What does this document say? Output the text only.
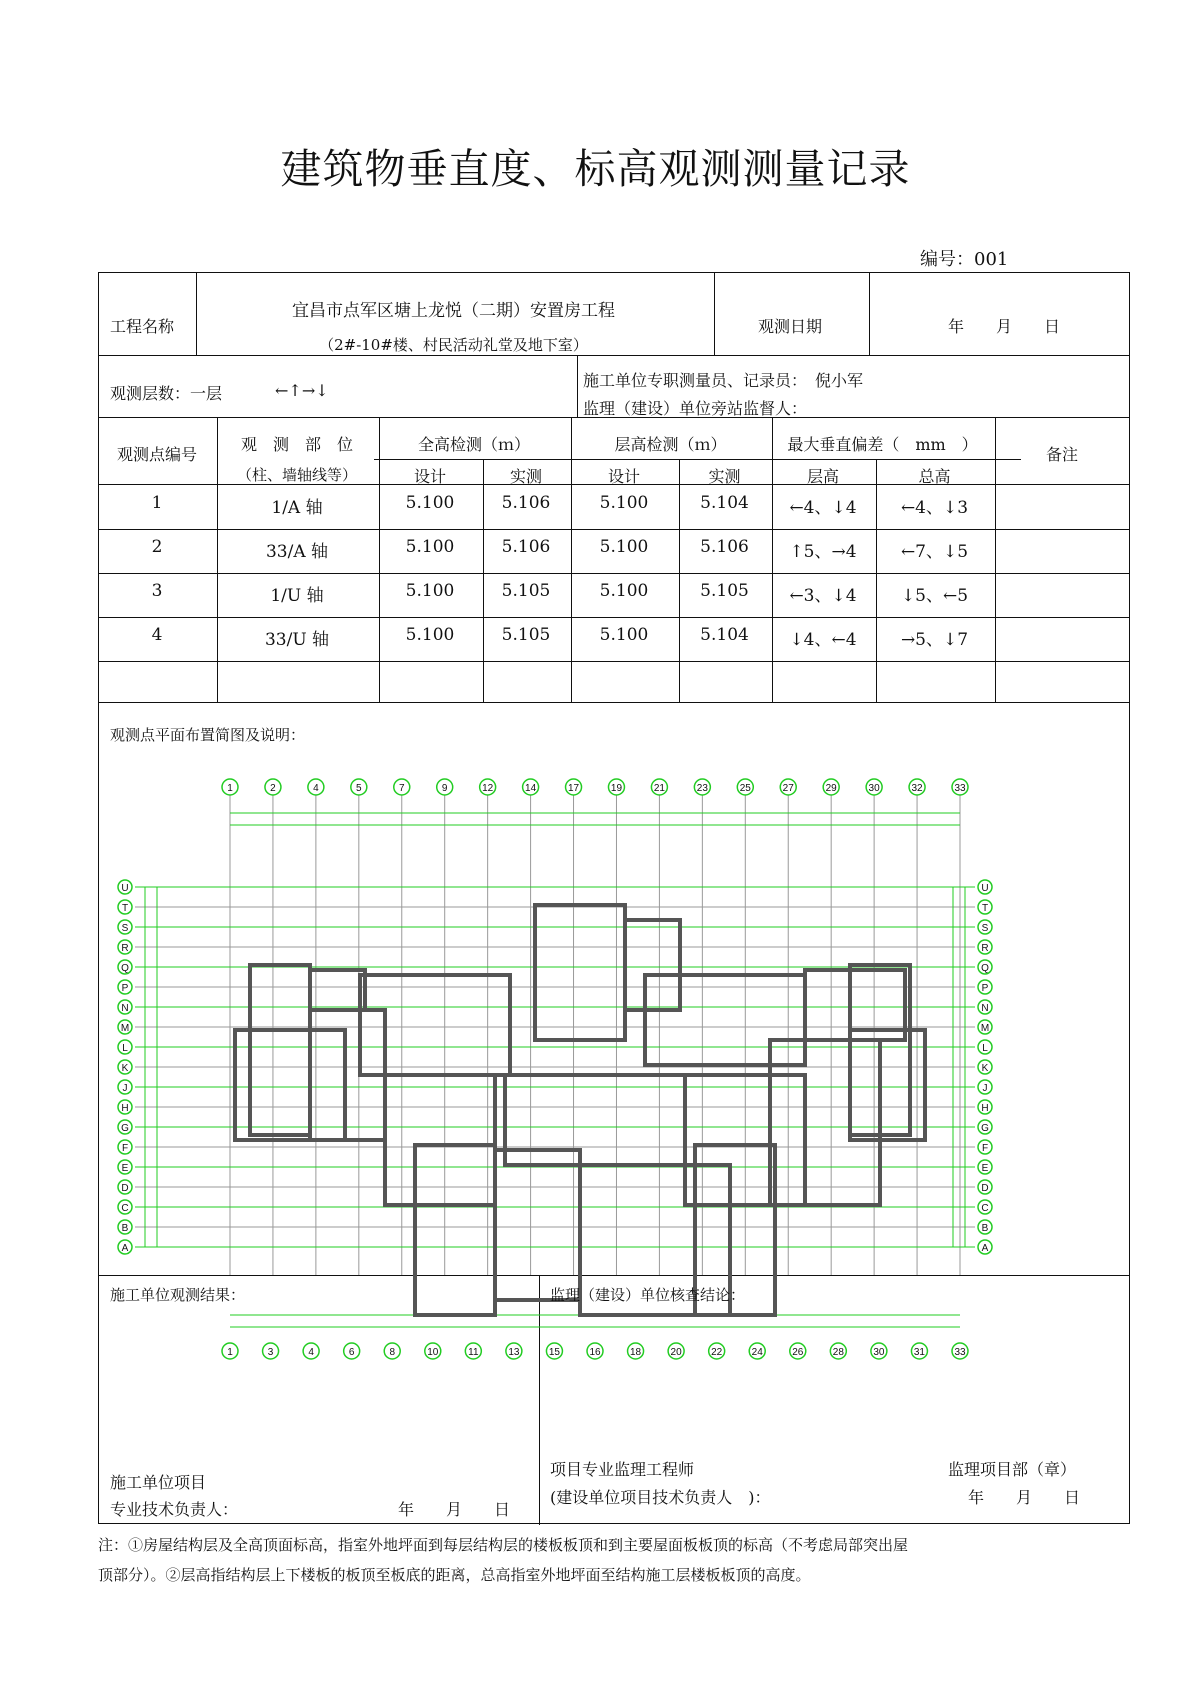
建筑物垂直度、标高观测测量记录
编号：001
工程名称
宜昌市点军区塘上龙悦（二期）安置房工程
（2#-10#楼、村民活动礼堂及地下室）
观测日期	年　　月　　日
观测层数：一层	←↑→↓
施工单位专职测量员、记录员：　倪小军
监理（建设）单位旁站监督人：
观测点编号
观　测　部　位
（柱、墙轴线等）
全高检测（ｍ）	层高检测（ｍ）	最大垂直偏差（　mm　）
备注
设计	实测	设计	实测	层高	总高
1	1/A 轴	5.100	5.106	5.100	5.104	←4、↓4	←4、↓3
2	33/A 轴	5.100	5.106	5.100	5.106	↑5、→4	←7、↓5
3	1/U 轴	5.100	5.105	5.100	5.105	←3、↓4	↓5、←5
4	33/U 轴	5.100	5.105	5.100	5.104	↓4、←4	→5、↓7
观测点平面布置简图及说明：
1	2	4	5	7	9	12	14	17	19	21	23	25	27	29	30	32	33
1	3	4	6	8	10	11	13	15	16	18	20	22	24	26	28	30	31	33
U	U
T	T
S	S
R	R
Q	Q
P	P
N	N
M	M
L	L
K	K
J	J
H	H
G	G
F	F
E	E
D	D
C	C
B	B
A	A
施工单位观测结果：	监理（建设）单位核查结论：
施工单位项目
专业技术负责人：	年　　月　　日
项目专业监理工程师
(建设单位项目技术负责人　)：
监理项目部（章）
年　　月　　日
注：①房屋结构层及全高顶面标高，指室外地坪面到每层结构层的楼板板顶和到主要屋面板板顶的标高（不考虑局部突出屋
顶部分）。②层高指结构层上下楼板的板顶至板底的距离，总高指室外地坪面至结构施工层楼板板顶的高度。
